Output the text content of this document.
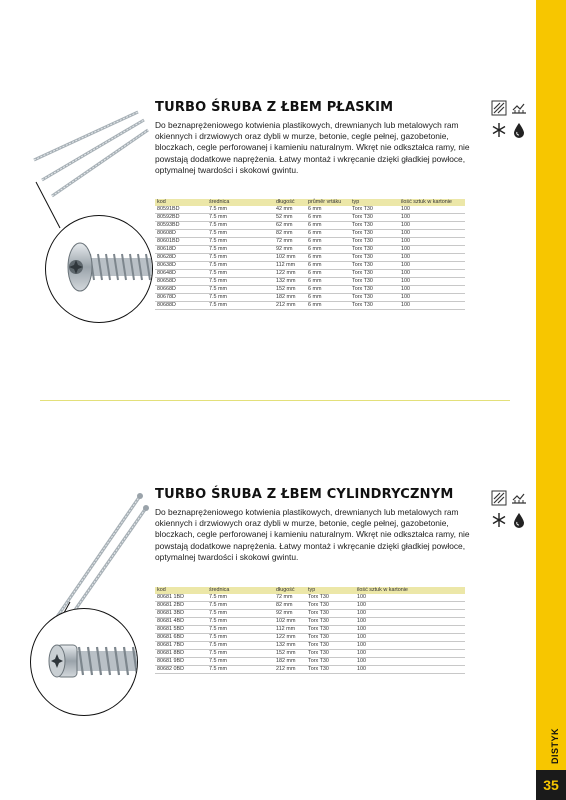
DISTYK
35
TURBO ŚRUBA Z ŁBEM PŁASKIM
Do beznaprężeniowego kotwienia plastikowych, drewnianych lub metalowych ram okiennych i drzwiowych oraz dybli w murze, betonie, cegle pełnej, gazobetonie, bloczkach, cegle perforowanej i kamieniu naturalnym. Wkręt nie odkształca ramy, nie powstają dodatkowe naprężenia. Łatwy montaż i wkręcanie dzięki gładkiej powłoce, optymalnej twardości i skokowi gwintu.
kod	średnica	długość	průměr vrtáku	typ	ilość sztuk w kartonie
80591BD	7.5 mm	42 mm	6 mm	Torx T30	100
80592BD	7.5 mm	52 mm	6 mm	Torx T30	100
80593BD	7.5 mm	62 mm	6 mm	Torx T30	100
80608D	7.5 mm	82 mm	6 mm	Torx T30	100
80601BD	7.5 mm	72 mm	6 mm	Torx T30	100
80618D	7.5 mm	92 mm	6 mm	Torx T30	100
80628D	7.5 mm	102 mm	6 mm	Torx T30	100
80638D	7.5 mm	112 mm	6 mm	Torx T30	100
80648D	7.5 mm	122 mm	6 mm	Torx T30	100
80658D	7.5 mm	132 mm	6 mm	Torx T30	100
80668D	7.5 mm	152 mm	6 mm	Torx T30	100
80678D	7.5 mm	182 mm	6 mm	Torx T30	100
80688D	7.5 mm	212 mm	6 mm	Torx T30	100
TURBO ŚRUBA Z ŁBEM CYLINDRYCZNYM
Do beznaprężeniowego kotwienia plastikowych, drewnianych lub metalowych ram okiennych i drzwiowych oraz dybli w murze, betonie, cegle pełnej, gazobetonie, bloczkach, cegle perforowanej i kamieniu naturalnym. Wkręt nie odkształca ramy, nie powstają dodatkowe naprężenia. Łatwy montaż i wkręcanie dzięki gładkiej powłoce, optymalnej twardości i skokowi gwintu.
kod	średnica	długość	typ	ilość sztuk w kartonie
80681 1BD	7.5 mm	72 mm	Torx T30	100
80681 2BD	7.5 mm	82 mm	Torx T30	100
80681 3BD	7.5 mm	92 mm	Torx T30	100
80681 4BD	7.5 mm	102 mm	Torx T30	100
80681 5BD	7.5 mm	112 mm	Torx T30	100
80681 6BD	7.5 mm	122 mm	Torx T30	100
80681 7BD	7.5 mm	132 mm	Torx T30	100
80681 8BD	7.5 mm	152 mm	Torx T30	100
80681 9BD	7.5 mm	182 mm	Torx T30	100
80682 0BD	7.5 mm	212 mm	Torx T30	100
